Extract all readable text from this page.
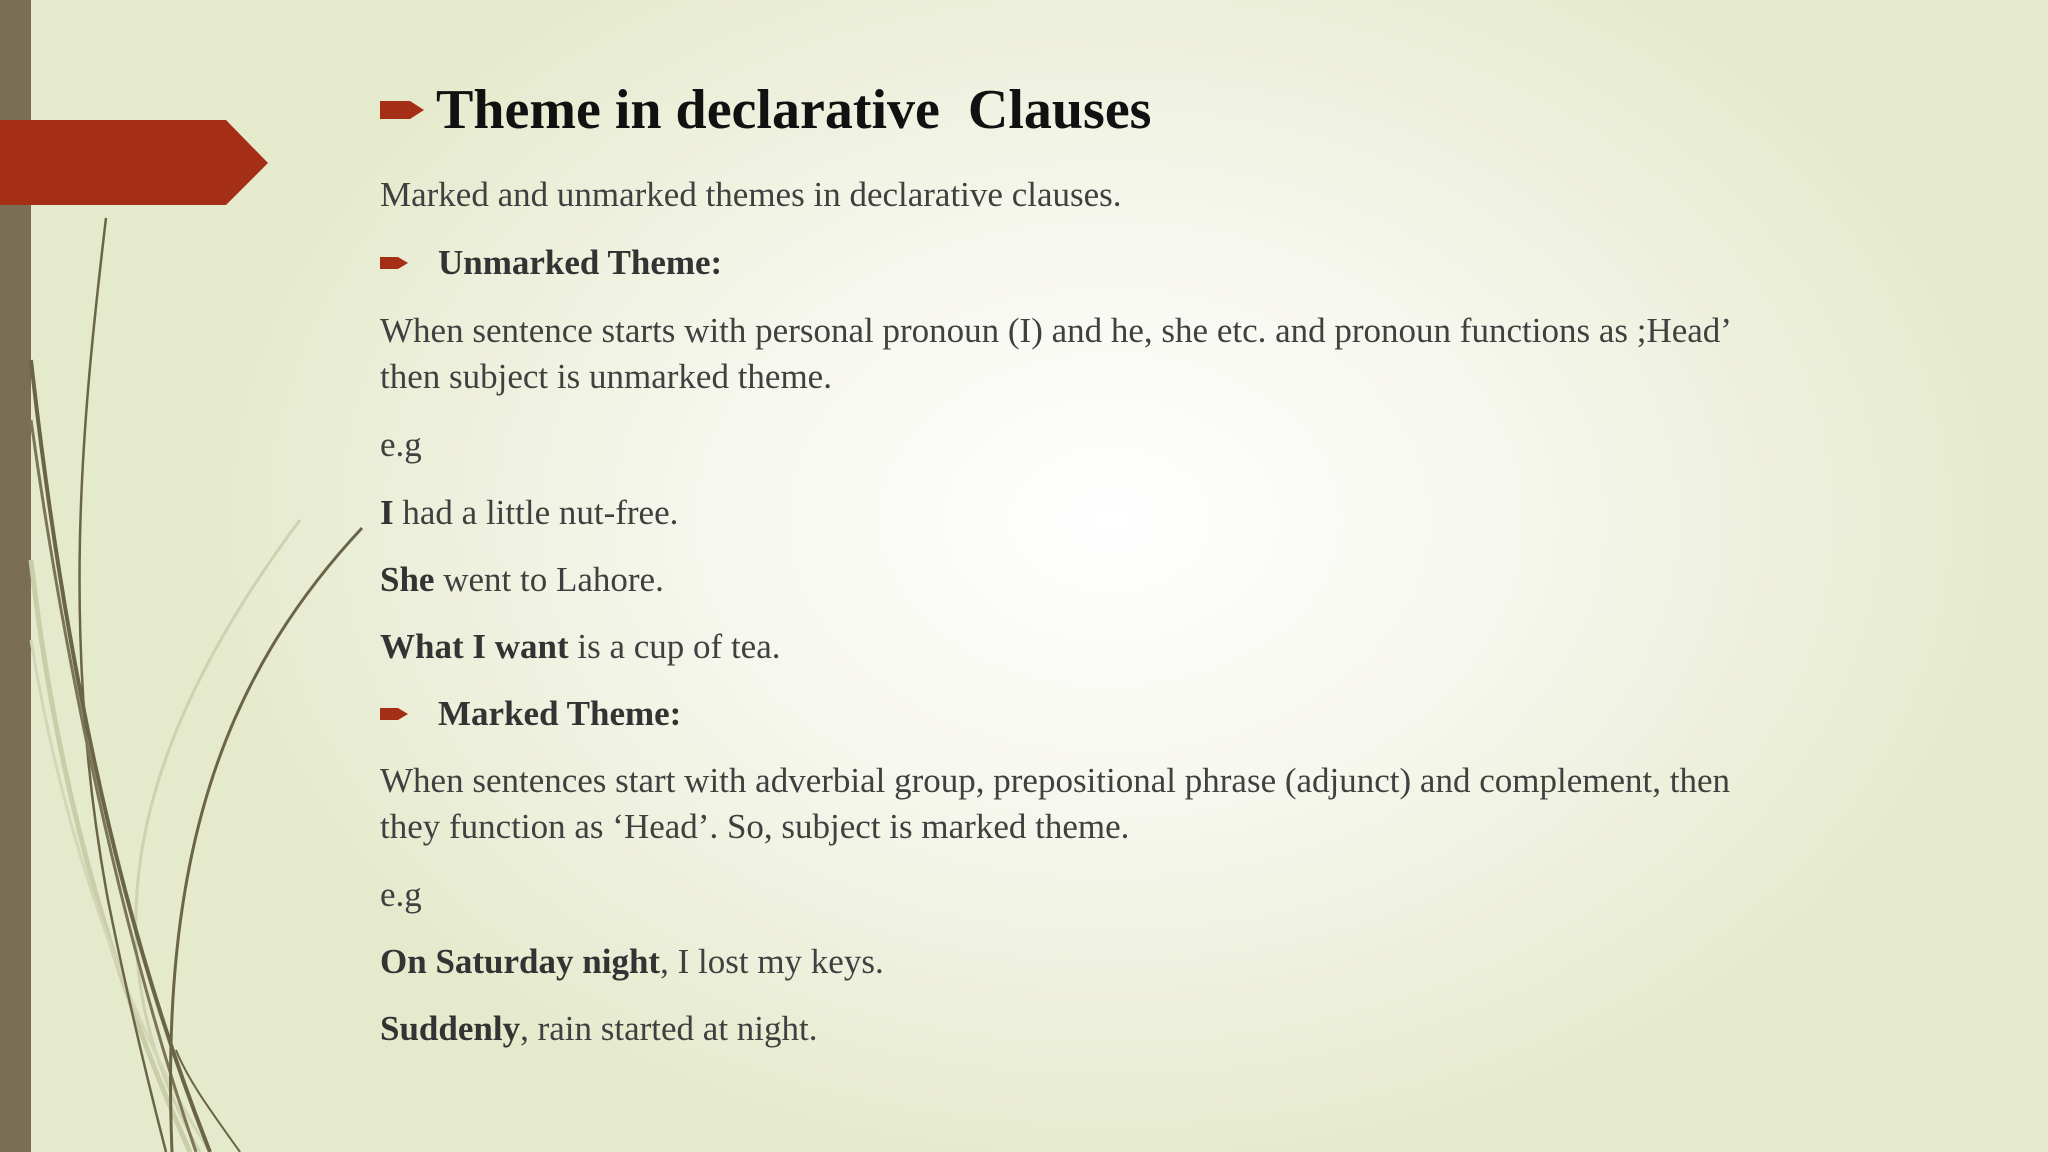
Theme in declarative  Clauses

Marked and unmarked themes in declarative clauses.

Unmarked Theme:

When sentence starts with personal pronoun (I) and he, she etc. and pronoun functions as ;Head’

then subject is unmarked theme.

e.g

I had a little nut-free.

She went to Lahore.

What I want is a cup of tea.

Marked Theme:

When sentences start with adverbial group, prepositional phrase (adjunct) and complement, then

they function as ‘Head’. So, subject is marked theme.

e.g

On Saturday night, I lost my keys.

Suddenly, rain started at night.
